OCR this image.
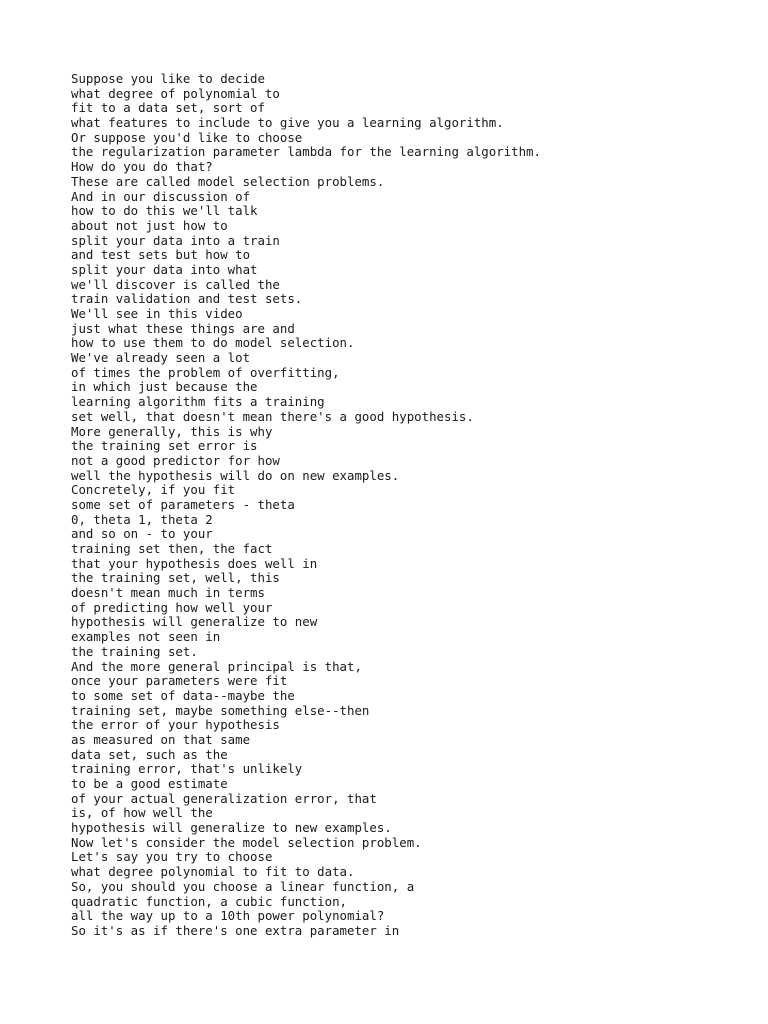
Suppose you like to decide
what degree of polynomial to
fit to a data set, sort of
what features to include to give you a learning algorithm.
Or suppose you'd like to choose
the regularization parameter lambda for the learning algorithm.
How do you do that?
These are called model selection problems.
And in our discussion of
how to do this we'll talk
about not just how to
split your data into a train
and test sets but how to
split your data into what
we'll discover is called the
train validation and test sets.
We'll see in this video
just what these things are and
how to use them to do model selection.
We've already seen a lot
of times the problem of overfitting,
in which just because the
learning algorithm fits a training
set well, that doesn't mean there's a good hypothesis.
More generally, this is why
the training set error is
not a good predictor for how
well the hypothesis will do on new examples.
Concretely, if you fit
some set of parameters - theta
0, theta 1, theta 2
and so on - to your
training set then, the fact
that your hypothesis does well in
the training set, well, this
doesn't mean much in terms
of predicting how well your
hypothesis will generalize to new
examples not seen in
the training set.
And the more general principal is that,
once your parameters were fit
to some set of data--maybe the
training set, maybe something else--then
the error of your hypothesis
as measured on that same
data set, such as the
training error, that's unlikely
to be a good estimate
of your actual generalization error, that
is, of how well the
hypothesis will generalize to new examples.
Now let's consider the model selection problem.
Let's say you try to choose
what degree polynomial to fit to data.
So, you should you choose a linear function, a
quadratic function, a cubic function,
all the way up to a 10th power polynomial?
So it's as if there's one extra parameter in
